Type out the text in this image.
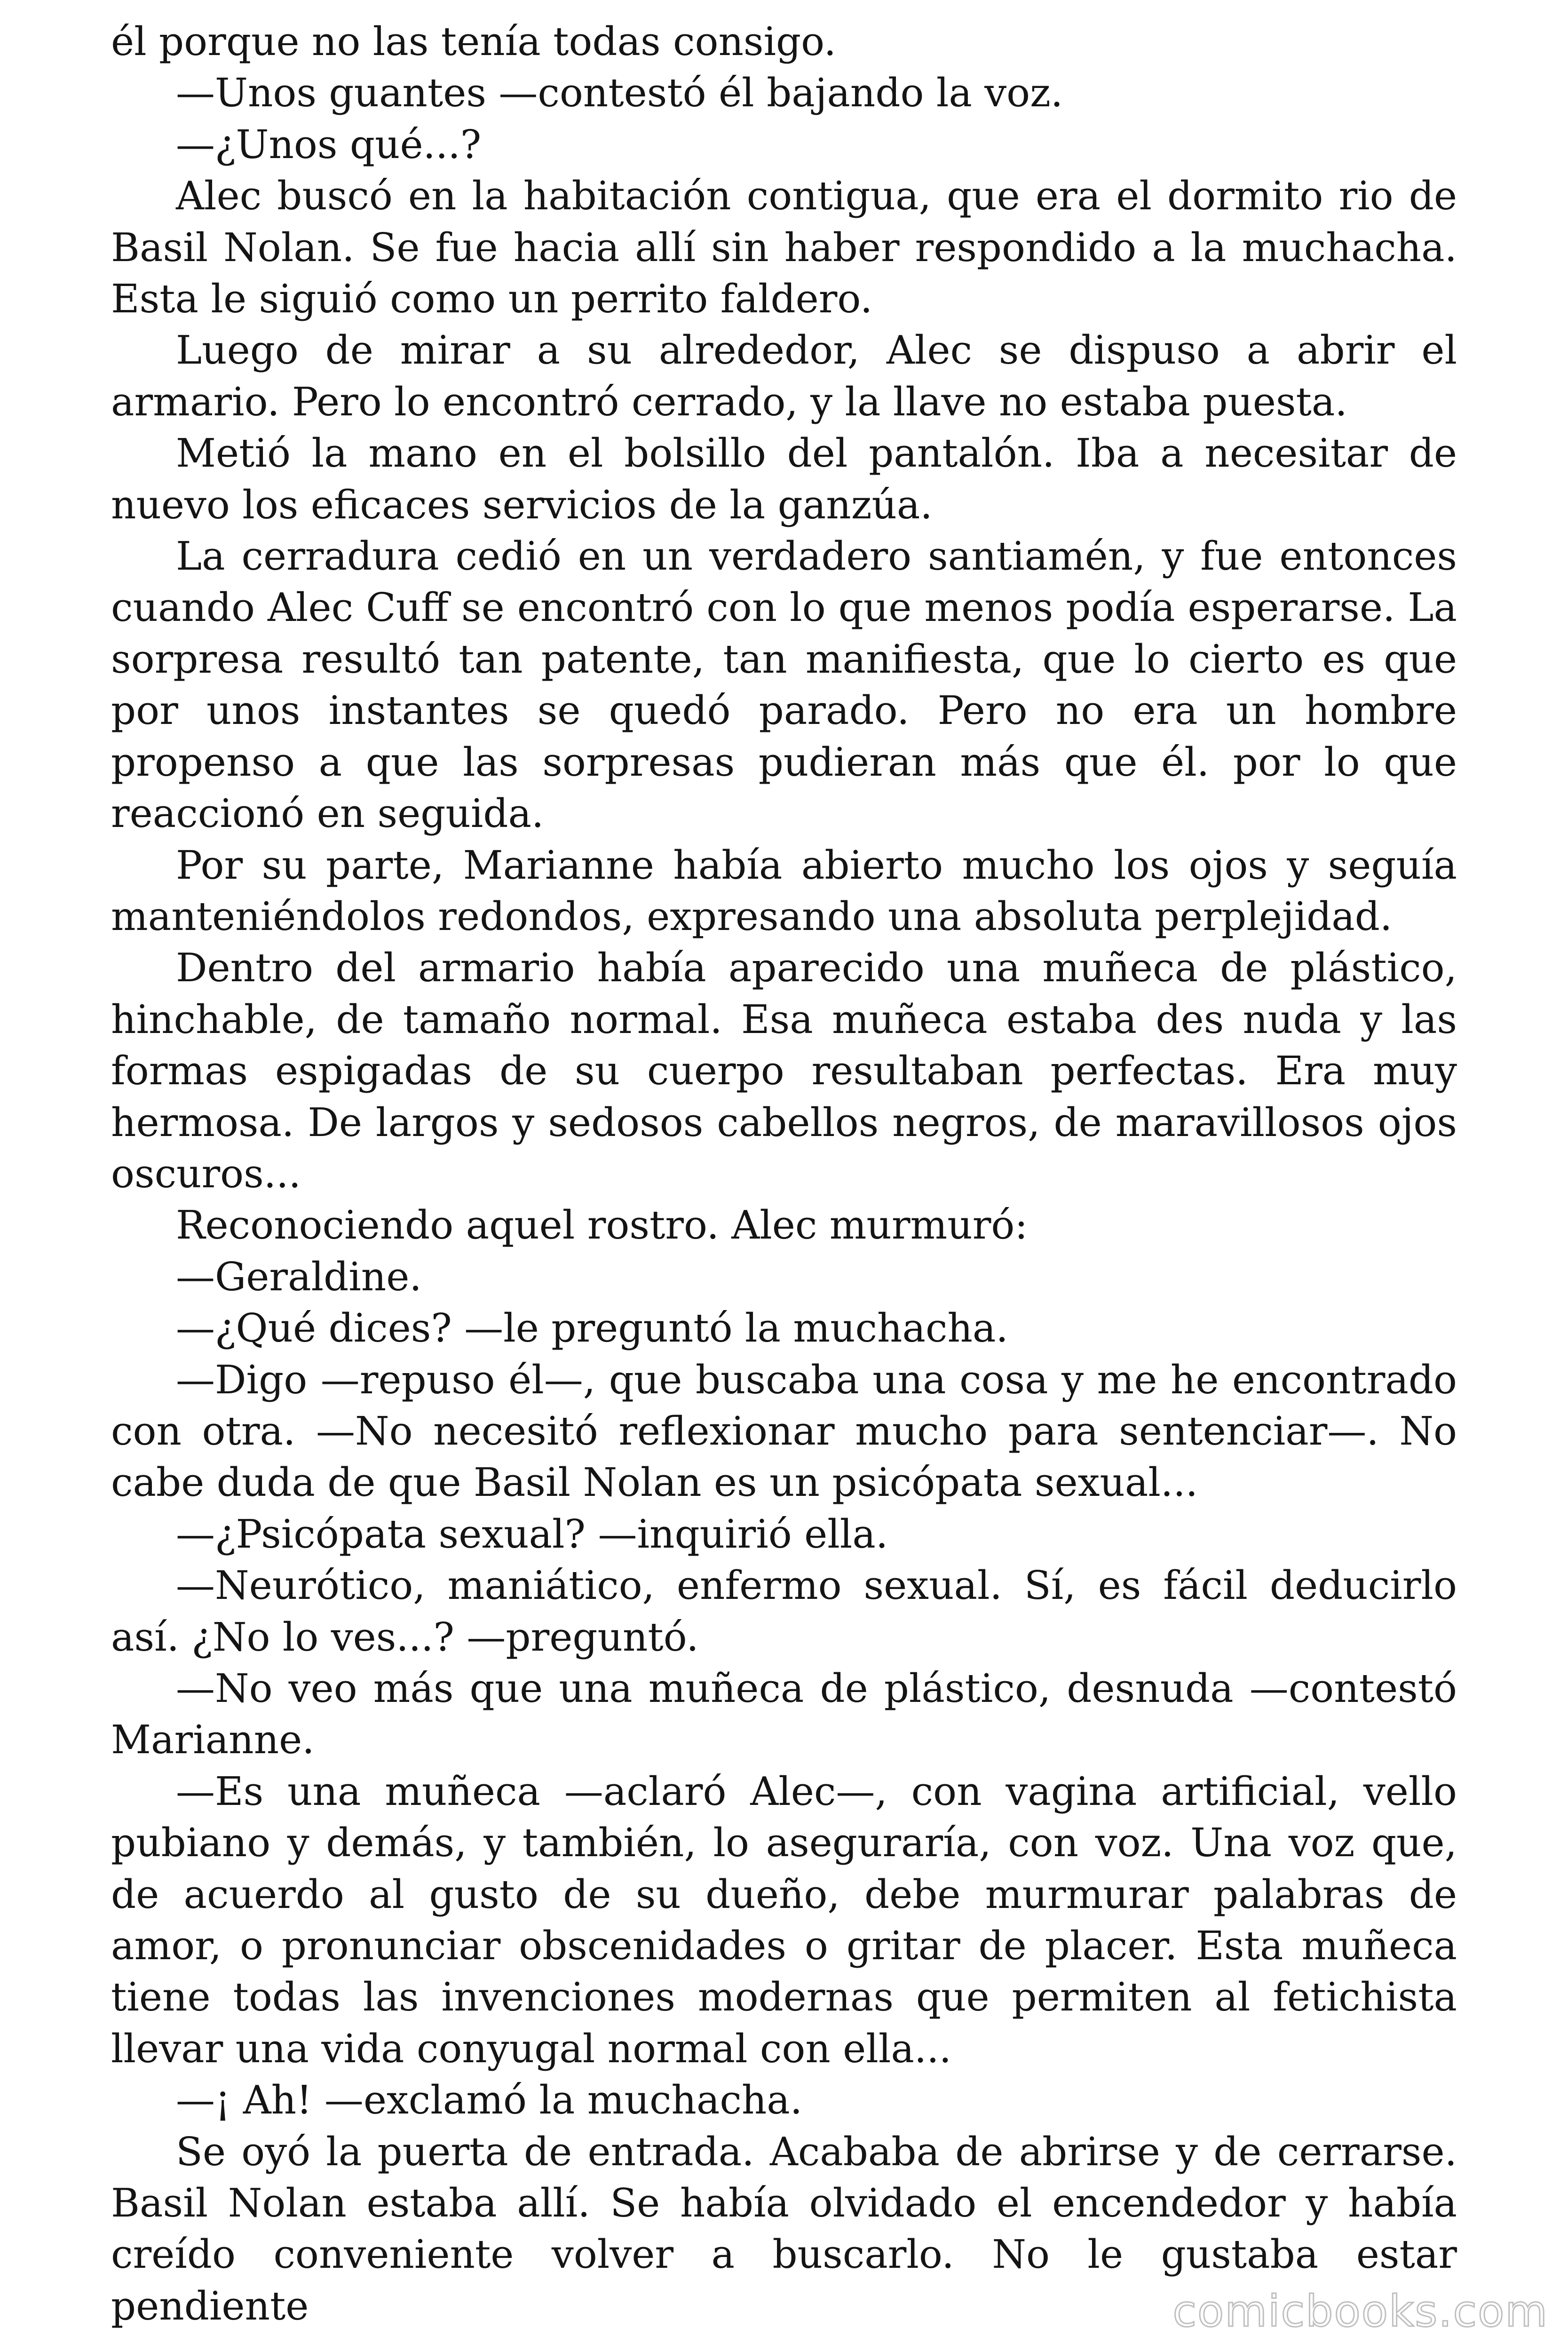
él porque no las tenía todas consigo.

—Unos guantes —contestó él bajando la voz.

—¿Unos qué...?

Alec buscó en la habitación contigua, que era el dormito rio de Basil Nolan. Se fue hacia allí sin haber respondido a la muchacha. Esta le siguió como un perrito faldero.

Luego de mirar a su alrededor, Alec se dispuso a abrir el armario. Pero lo encontró cerrado, y la llave no estaba puesta.

Metió la mano en el bolsillo del pantalón. Iba a necesitar de nuevo los eficaces servicios de la ganzúa.

La cerradura cedió en un verdadero santiamén, y fue entonces cuando Alec Cuff se encontró con lo que menos podía esperarse. La sorpresa resultó tan patente, tan manifiesta, que lo cierto es que por unos instantes se quedó parado. Pero no era un hombre propenso a que las sorpresas pudieran más que él. por lo que reaccionó en seguida.

Por su parte, Marianne había abierto mucho los ojos y seguía manteniéndolos redondos, expresando una absoluta perplejidad.

Dentro del armario había aparecido una muñeca de plástico, hinchable, de tamaño normal. Esa muñeca estaba des nuda y las formas espigadas de su cuerpo resultaban perfectas. Era muy hermosa. De largos y sedosos cabellos negros, de maravillosos ojos oscuros...

Reconociendo aquel rostro. Alec murmuró:

—Geraldine.

—¿Qué dices? —le preguntó la muchacha.

—Digo —repuso él—, que buscaba una cosa y me he encontrado con otra. —No necesitó reflexionar mucho para sentenciar—. No cabe duda de que Basil Nolan es un psicópata sexual...

—¿Psicópata sexual? —inquirió ella.

—Neurótico, maniático, enfermo sexual. Sí, es fácil deducirlo así. ¿No lo ves...? —preguntó.

—No veo más que una muñeca de plástico, desnuda —contestó Marianne.

—Es una muñeca —aclaró Alec—, con vagina artificial, vello pubiano y demás, y también, lo aseguraría, con voz. Una voz que, de acuerdo al gusto de su dueño, debe murmurar palabras de amor, o pronunciar obscenidades o gritar de placer. Esta muñeca tiene todas las invenciones modernas que permiten al fetichista llevar una vida conyugal normal con ella...

—¡ Ah! —exclamó la muchacha.

Se oyó la puerta de entrada. Acababa de abrirse y de cerrarse. Basil Nolan estaba allí. Se había olvidado el encendedor y había creído conveniente volver a buscarlo. No le gustaba estar pendiente	comicbooks.com
